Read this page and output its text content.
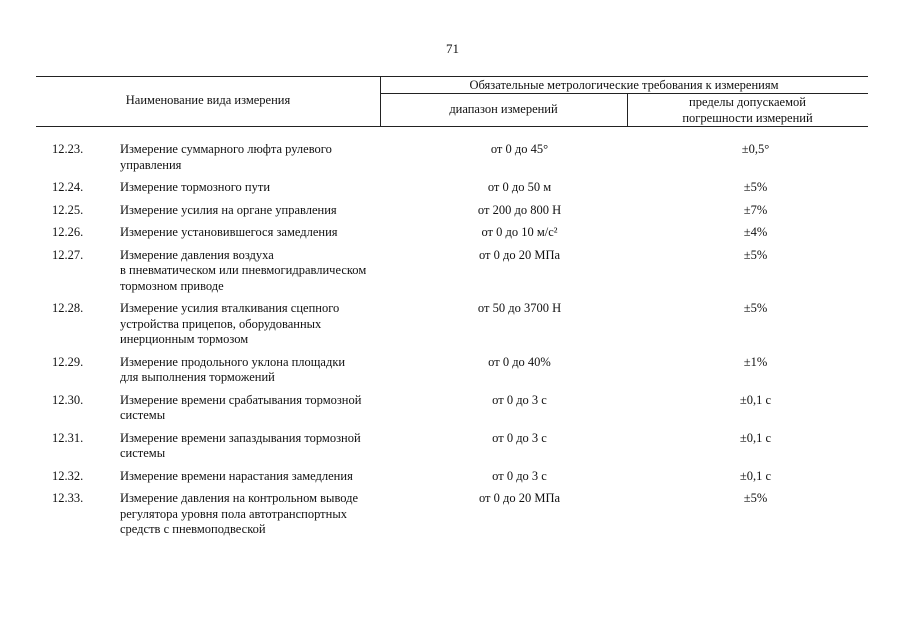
71
Наименование вида измерения
Обязательные метрологические требования к измерениям
диапазон измерений	пределы допускаемой
погрешности измерений
12.23.	Измерение суммарного люфта рулевого
управления	от 0 до 45°	±0,5°
12.24.	Измерение тормозного пути	от 0 до 50 м	±5%
12.25.	Измерение усилия на органе управления	от 200 до 800 Н	±7%
12.26.	Измерение установившегося замедления	от 0 до 10 м/с²	±4%
12.27.	Измерение давления воздуха
в пневматическом или пневмогидравлическом
тормозном приводе	от 0 до 20 МПа	±5%
12.28.	Измерение усилия вталкивания сцепного
устройства прицепов, оборудованных
инерционным тормозом	от 50 до 3700 Н	±5%
12.29.	Измерение продольного уклона площадки
для выполнения торможений	от 0 до 40%	±1%
12.30.	Измерение времени срабатывания тормозной
системы	от 0 до 3 с	±0,1 с
12.31.	Измерение времени запаздывания тормозной
системы	от 0 до 3 с	±0,1 с
12.32.	Измерение времени нарастания замедления	от 0 до 3 с	±0,1 с
12.33.	Измерение давления на контрольном выводе
регулятора уровня пола автотранспортных
средств с пневмоподвеской	от 0 до 20 МПа	±5%
